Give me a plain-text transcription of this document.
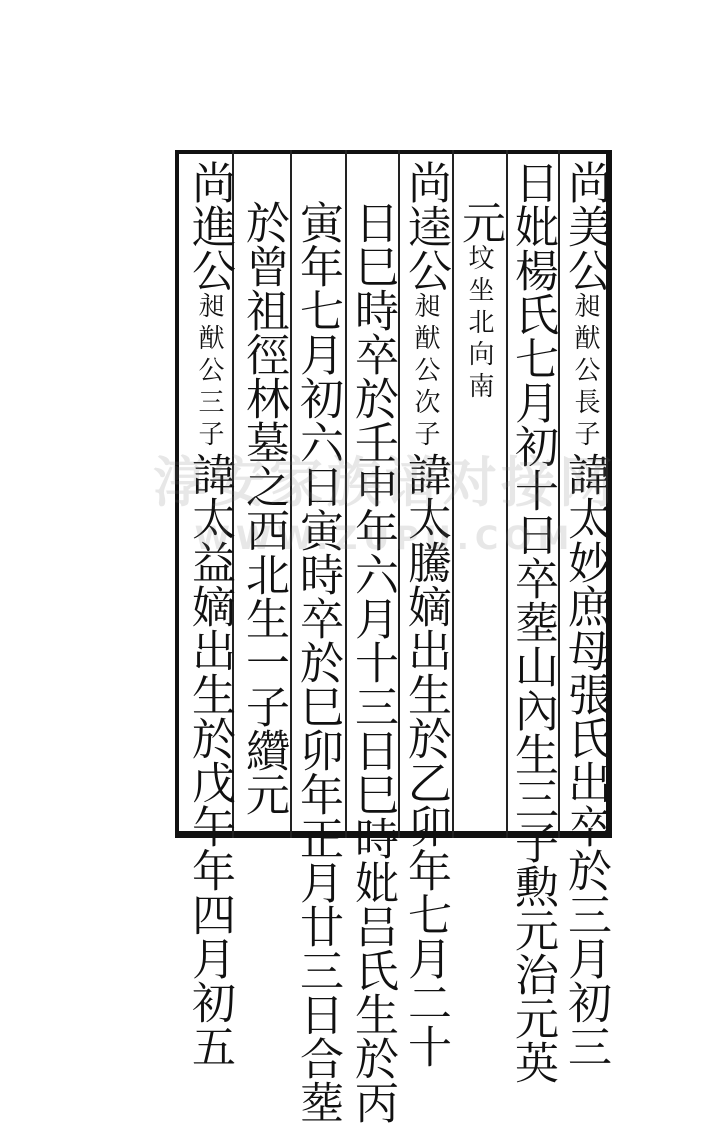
尚美公昶猷公長子諱太妙庶母張氏出卒於三月初三
日妣楊氏七月初十日卒塟山內生三子勲元治元英
元坟坐北向南
尚逵公昶猷公次子諱太騰嫡出生於乙卯年七月二十
日巳時卒於壬申年六月十三日巳時妣吕氏生於丙
寅年七月初六日寅時卒於巳卯年正月廿三日合塟
於曾祖徑林墓之西北生一子纘元
尚進公昶猷公三子諱太益嫡出生於戊午年四月初五
淳安家族谱对接网
WWW.ZUPU.COM
